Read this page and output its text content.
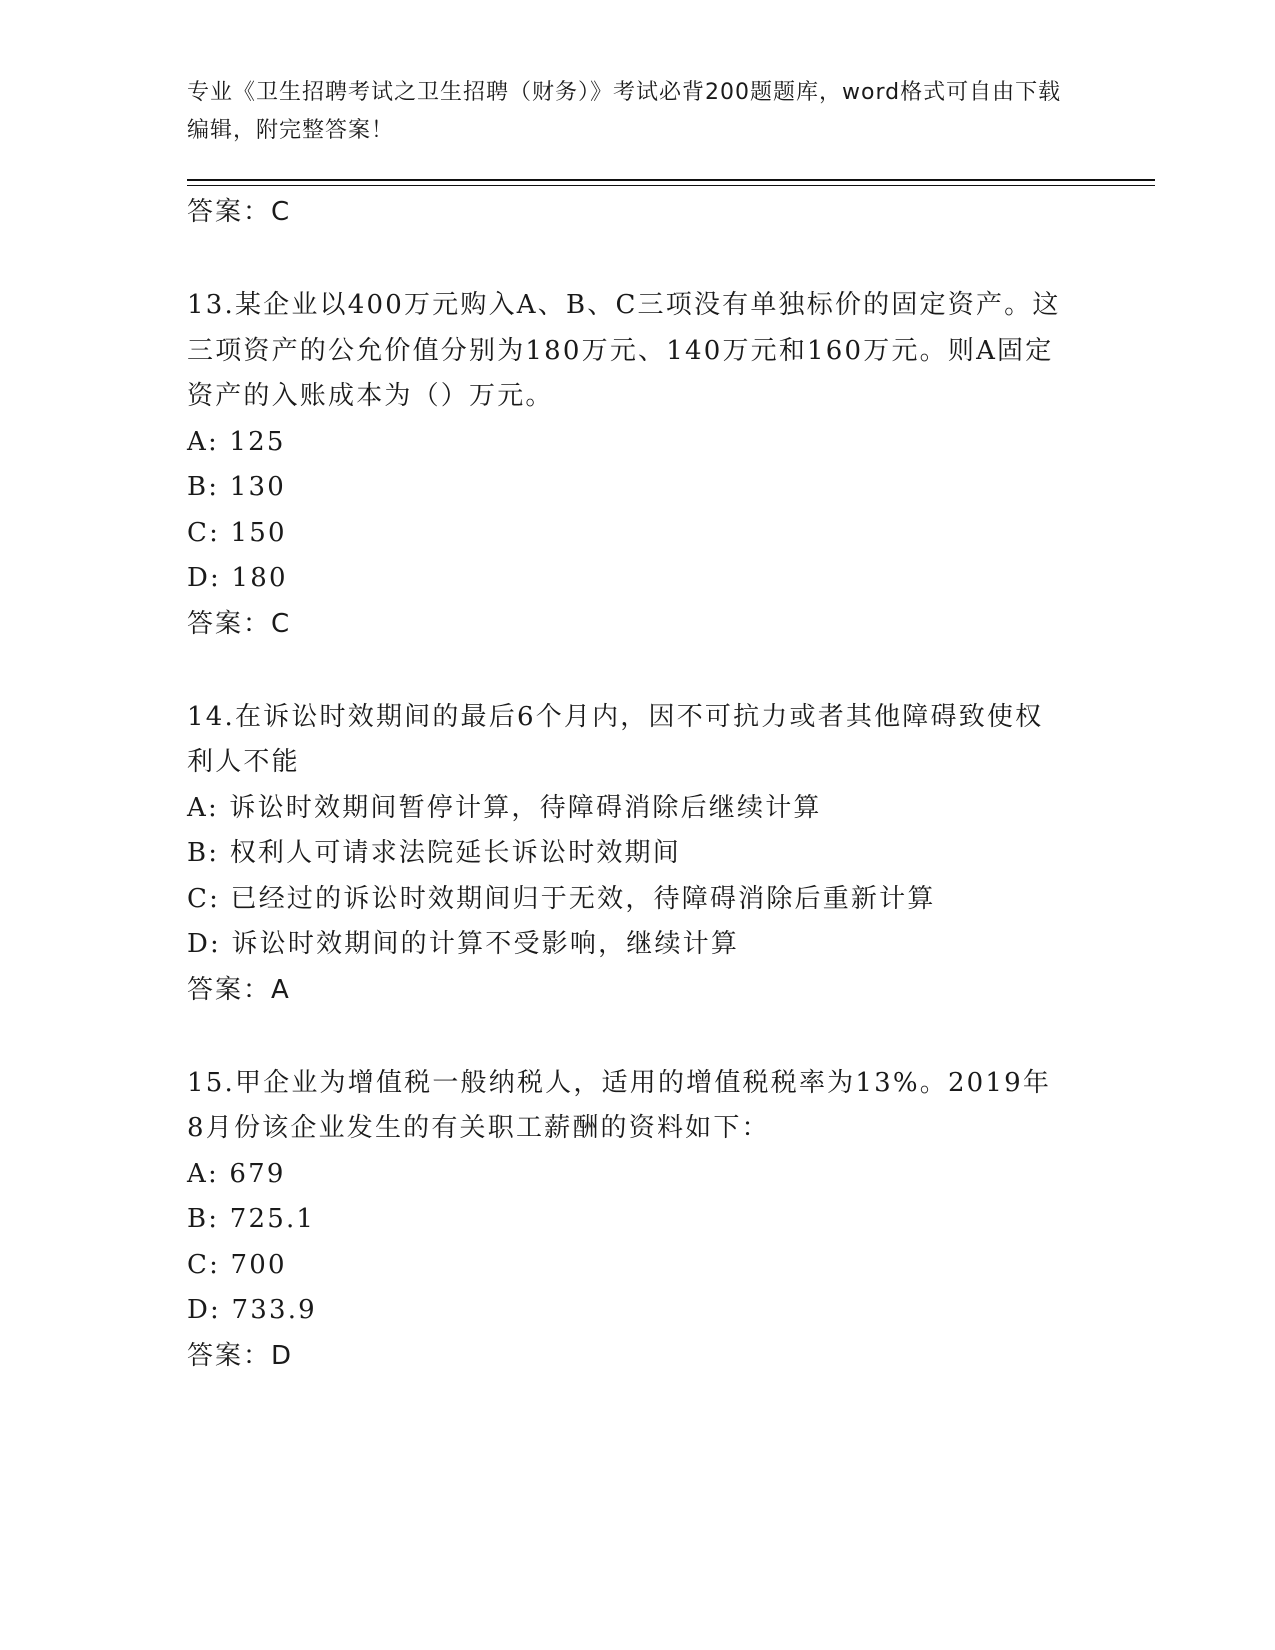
专业《卫生招聘考试之卫生招聘（财务）》考试必背200题题库，word格式可自由下载编辑，附完整答案！
答案：C
13.某企业以400万元购入A、B、C三项没有单独标价的固定资产。这三项资产的公允价值分别为180万元、140万元和160万元。则A固定资产的入账成本为（）万元。
A: 125
B: 130
C: 150
D: 180
答案：C
14.在诉讼时效期间的最后6个月内，因不可抗力或者其他障碍致使权利人不能
A: 诉讼时效期间暂停计算，待障碍消除后继续计算
B: 权利人可请求法院延长诉讼时效期间
C: 已经过的诉讼时效期间归于无效，待障碍消除后重新计算
D: 诉讼时效期间的计算不受影响，继续计算
答案：A
15.甲企业为增值税一般纳税人，适用的增值税税率为13%。2019年8月份该企业发生的有关职工薪酬的资料如下：
A: 679
B: 725.1
C: 700
D: 733.9
答案：D
